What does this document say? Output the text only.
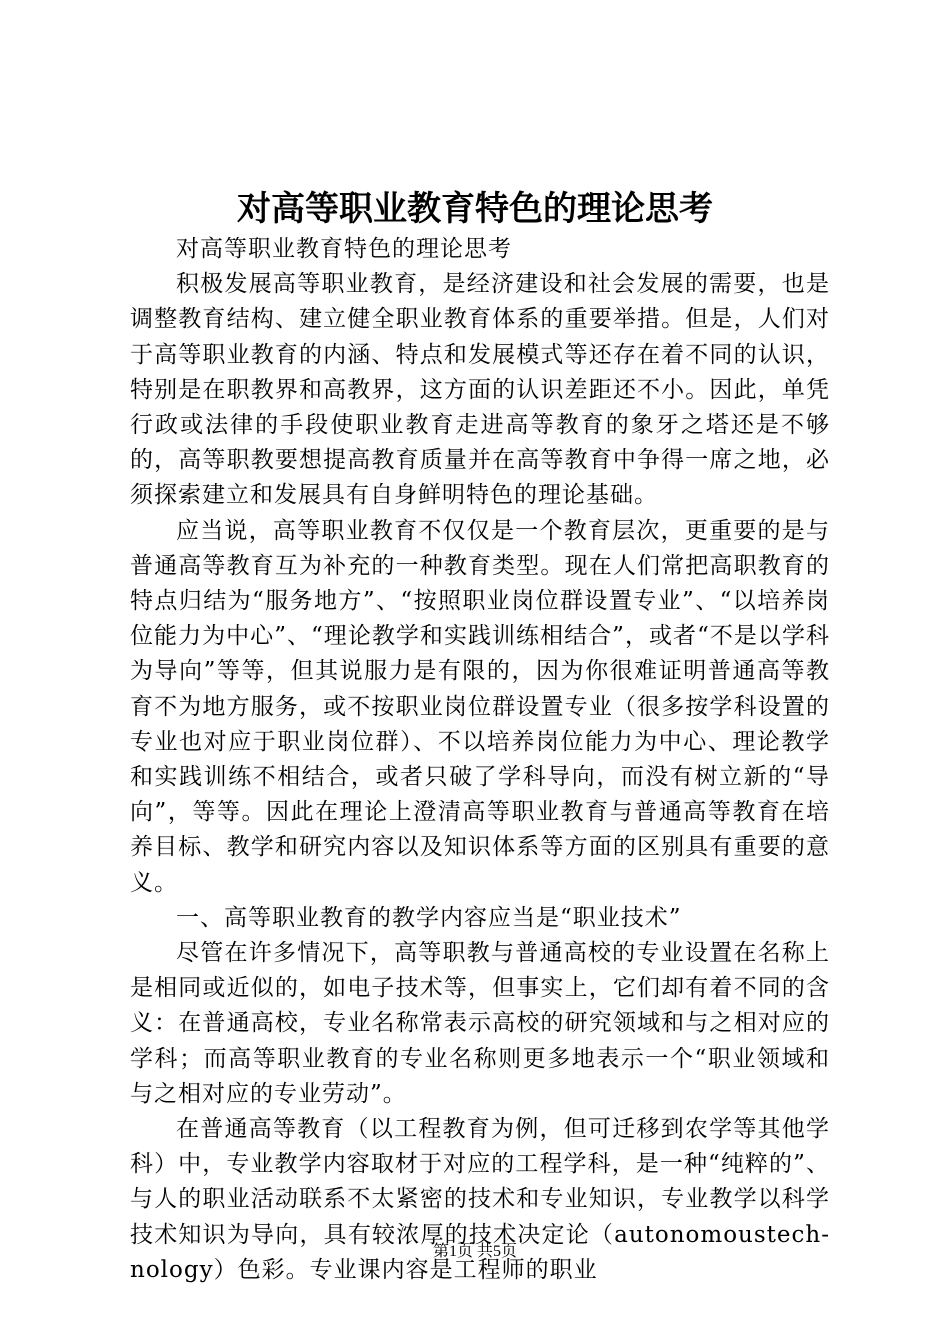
对高等职业教育特色的理论思考

对高等职业教育特色的理论思考

积极发展高等职业教育，是经济建设和社会发展的需要，也是调整教育结构、建立健全职业教育体系的重要举措。但是，人们对于高等职业教育的内涵、特点和发展模式等还存在着不同的认识，特别是在职教界和高教界，这方面的认识差距还不小。因此，单凭行政或法律的手段使职业教育走进高等教育的象牙之塔还是不够的，高等职教要想提高教育质量并在高等教育中争得一席之地，必须探索建立和发展具有自身鲜明特色的理论基础。

应当说，高等职业教育不仅仅是一个教育层次，更重要的是与普通高等教育互为补充的一种教育类型。现在人们常把高职教育的特点归结为“服务地方”、“按照职业岗位群设置专业”、“以培养岗位能力为中心”、“理论教学和实践训练相结合”，或者“不是以学科为导向”等等，但其说服力是有限的，因为你很难证明普通高等教育不为地方服务，或不按职业岗位群设置专业（很多按学科设置的专业也对应于职业岗位群）、不以培养岗位能力为中心、理论教学和实践训练不相结合，或者只破了学科导向，而没有树立新的“导向”，等等。因此在理论上澄清高等职业教育与普通高等教育在培养目标、教学和研究内容以及知识体系等方面的区别具有重要的意义。

一、高等职业教育的教学内容应当是“职业技术”

尽管在许多情况下，高等职教与普通高校的专业设置在名称上是相同或近似的，如电子技术等，但事实上，它们却有着不同的含义：在普通高校，专业名称常表示高校的研究领域和与之相对应的学科；而高等职业教育的专业名称则更多地表示一个“职业领域和与之相对应的专业劳动”。

在普通高等教育（以工程教育为例，但可迁移到农学等其他学科）中，专业教学内容取材于对应的工程学科，是一种“纯粹的”、与人的职业活动联系不太紧密的技术和专业知识，专业教学以科学技术知识为导向，具有较浓厚的技术决定论（autonomoustech-nology）色彩。专业课内容是工程师的职业

第1页 共5页
